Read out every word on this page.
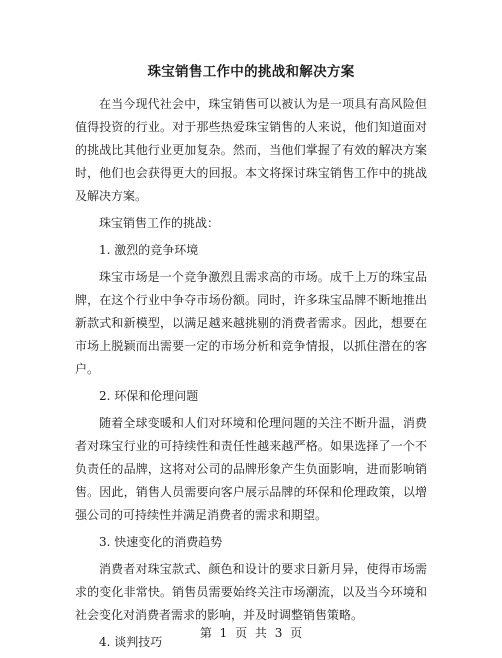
珠宝销售工作中的挑战和解决方案

在当今现代社会中，珠宝销售可以被认为是一项具有高风险但值得投资的行业。对于那些热爱珠宝销售的人来说，他们知道面对的挑战比其他行业更加复杂。然而，当他们掌握了有效的解决方案时，他们也会获得更大的回报。本文将探讨珠宝销售工作中的挑战及解决方案。

珠宝销售工作的挑战：

1. 激烈的竞争环境

珠宝市场是一个竞争激烈且需求高的市场。成千上万的珠宝品牌，在这个行业中争夺市场份额。同时，许多珠宝品牌不断地推出新款式和新模型，以满足越来越挑剔的消费者需求。因此，想要在市场上脱颖而出需要一定的市场分析和竞争情报，以抓住潜在的客户。

2. 环保和伦理问题

随着全球变暖和人们对环境和伦理问题的关注不断升温，消费者对珠宝行业的可持续性和责任性越来越严格。如果选择了一个不负责任的品牌，这将对公司的品牌形象产生负面影响，进而影响销售。因此，销售人员需要向客户展示品牌的环保和伦理政策，以增强公司的可持续性并满足消费者的需求和期望。

3. 快速变化的消费趋势

消费者对珠宝款式、颜色和设计的要求日新月异，使得市场需求的变化非常快。销售员需要始终关注市场潮流，以及当今环境和社会变化对消费者需求的影响，并及时调整销售策略。

4. 谈判技巧

第 1 页 共 3 页
